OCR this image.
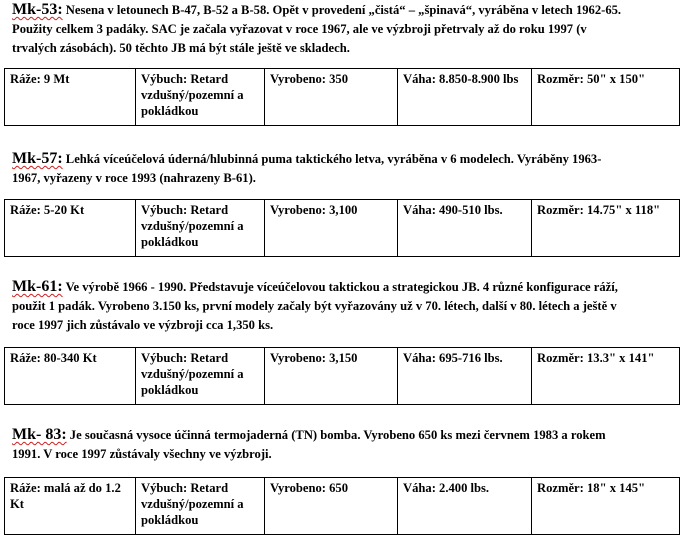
Mk-53: Nesena v letounech B-47, B-52 a B-58. Opět v provedení „čistá“ – „špinavá“, vyráběna v letech 1962-65. Použity celkem 3 padáky. SAC je začala vyřazovat v roce 1967, ale ve výzbroji přetrvaly až do roku 1997 (v trvalých zásobách). 50 těchto JB má být stále ještě ve skladech.

Ráže: 9 Mt	Výbuch: Retard vzdušný/pozemní a pokládkou	Vyrobeno: 350	Váha: 8.850-8.900 lbs	Rozměr: 50" x 150"

Mk-57: Lehká víceúčelová úderná/hlubinná puma taktického letva, vyráběna v 6 modelech. Vyráběny 1963-1967, vyřazeny v roce 1993 (nahrazeny B-61).

Ráže: 5-20 Kt	Výbuch: Retard vzdušný/pozemní a pokládkou	Vyrobeno: 3,100	Váha: 490-510 lbs.	Rozměr: 14.75" x 118"

Mk-61: Ve výrobě 1966 - 1990. Představuje víceúčelovou taktickou a strategickou JB. 4 různé konfigurace ráží, použit 1 padák. Vyrobeno 3.150 ks, první modely začaly být vyřazovány už v 70. létech, další v 80. létech a ještě v roce 1997 jich zůstávalo ve výzbroji cca 1,350 ks.

Ráže: 80-340 Kt	Výbuch: Retard vzdušný/pozemní a pokládkou	Vyrobeno: 3,150	Váha: 695-716 lbs.	Rozměr: 13.3" x 141"

Mk- 83: Je současná vysoce účinná termojaderná (TN) bomba. Vyrobeno 650 ks mezi červnem 1983 a rokem 1991. V roce 1997 zůstávaly všechny ve výzbroji.

Ráže: malá až do 1.2 Kt	Výbuch: Retard vzdušný/pozemní a pokládkou	Vyrobeno: 650	Váha: 2.400 lbs.	Rozměr: 18" x 145"
